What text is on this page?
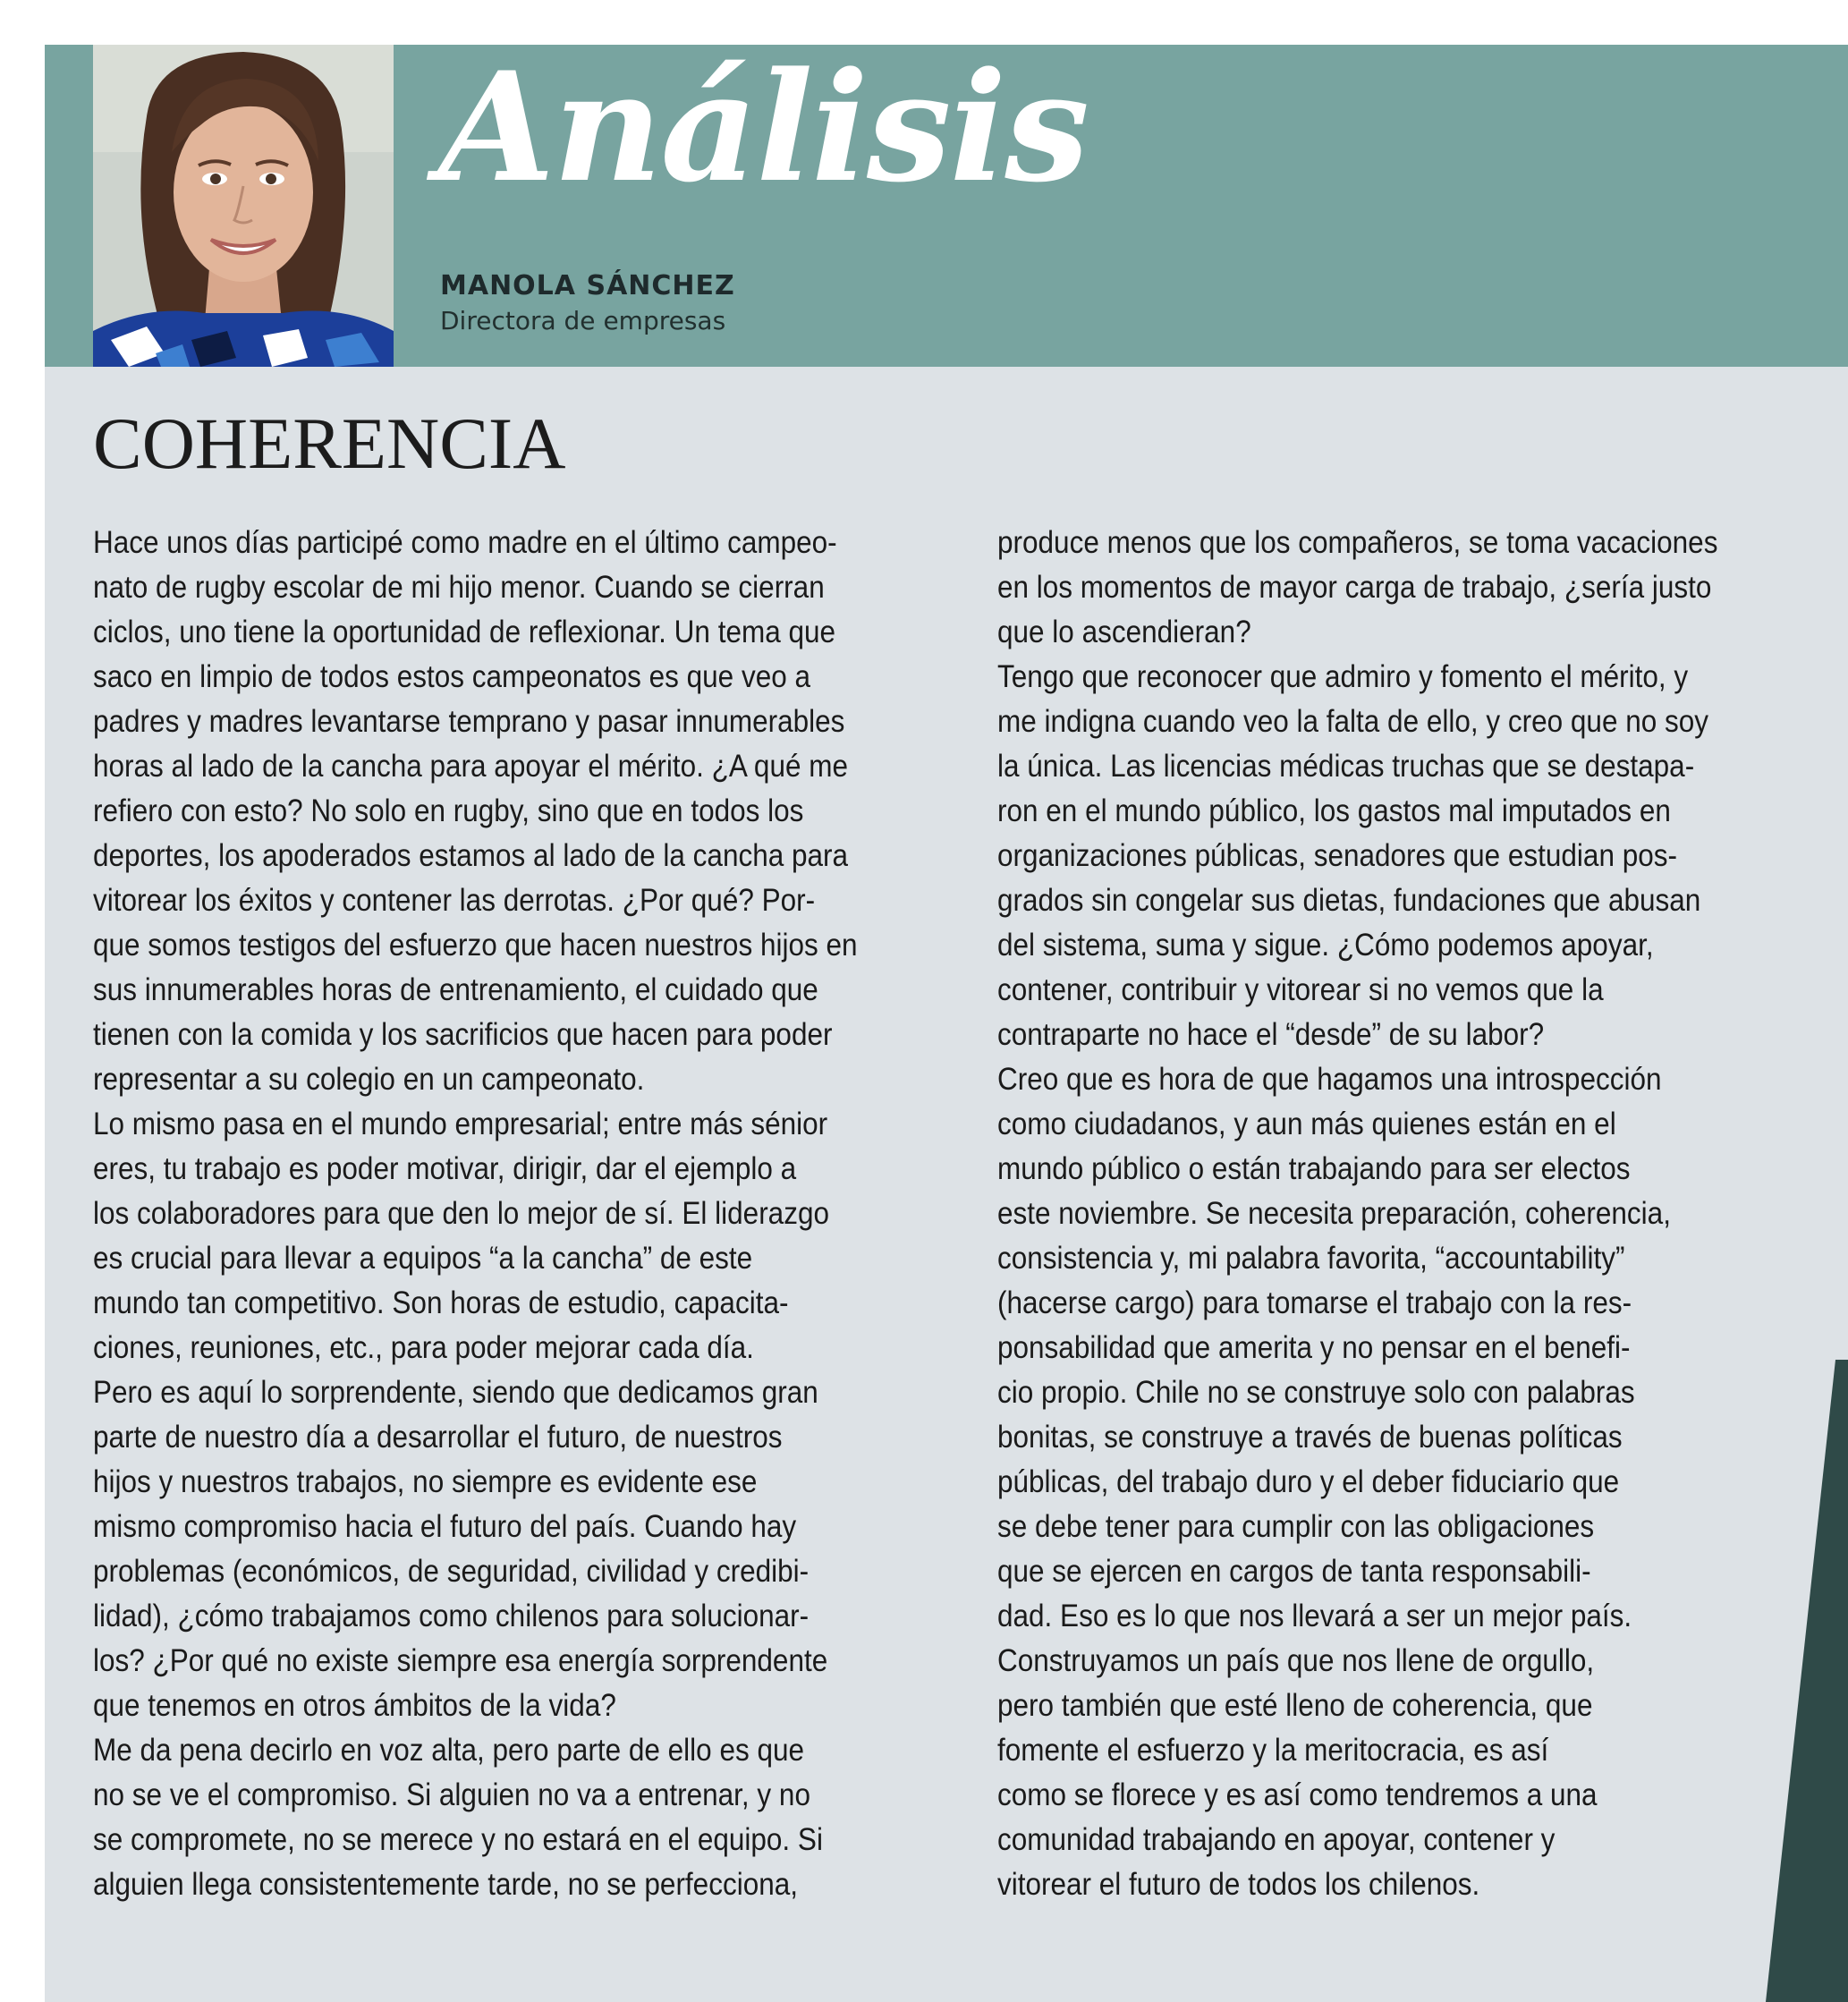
Análisis
MANOLA SÁNCHEZ
Directora de empresas
COHERENCIA
Hace unos días participé como madre en el último campeo-
nato de rugby escolar de mi hijo menor. Cuando se cierran
ciclos, uno tiene la oportunidad de reflexionar. Un tema que
saco en limpio de todos estos campeonatos es que veo a
padres y madres levantarse temprano y pasar innumerables
horas al lado de la cancha para apoyar el mérito. ¿A qué me
refiero con esto? No solo en rugby, sino que en todos los
deportes, los apoderados estamos al lado de la cancha para
vitorear los éxitos y contener las derrotas. ¿Por qué? Por-
que somos testigos del esfuerzo que hacen nuestros hijos en
sus innumerables horas de entrenamiento, el cuidado que
tienen con la comida y los sacrificios que hacen para poder
representar a su colegio en un campeonato.
Lo mismo pasa en el mundo empresarial; entre más sénior
eres, tu trabajo es poder motivar, dirigir, dar el ejemplo a
los colaboradores para que den lo mejor de sí. El liderazgo
es crucial para llevar a equipos “a la cancha” de este
mundo tan competitivo. Son horas de estudio, capacita-
ciones, reuniones, etc., para poder mejorar cada día.
Pero es aquí lo sorprendente, siendo que dedicamos gran
parte de nuestro día a desarrollar el futuro, de nuestros
hijos y nuestros trabajos, no siempre es evidente ese
mismo compromiso hacia el futuro del país. Cuando hay
problemas (económicos, de seguridad, civilidad y credibi-
lidad), ¿cómo trabajamos como chilenos para solucionar-
los? ¿Por qué no existe siempre esa energía sorprendente
que tenemos en otros ámbitos de la vida?
Me da pena decirlo en voz alta, pero parte de ello es que
no se ve el compromiso. Si alguien no va a entrenar, y no
se compromete, no se merece y no estará en el equipo. Si
alguien llega consistentemente tarde, no se perfecciona,
produce menos que los compañeros, se toma vacaciones
en los momentos de mayor carga de trabajo, ¿sería justo
que lo ascendieran?
Tengo que reconocer que admiro y fomento el mérito, y
me indigna cuando veo la falta de ello, y creo que no soy
la única. Las licencias médicas truchas que se destapa-
ron en el mundo público, los gastos mal imputados en
organizaciones públicas, senadores que estudian pos-
grados sin congelar sus dietas, fundaciones que abusan
del sistema, suma y sigue. ¿Cómo podemos apoyar,
contener, contribuir y vitorear si no vemos que la
contraparte no hace el “desde” de su labor?
Creo que es hora de que hagamos una introspección
como ciudadanos, y aun más quienes están en el
mundo público o están trabajando para ser electos
este noviembre. Se necesita preparación, coherencia,
consistencia y, mi palabra favorita, “accountability”
(hacerse cargo) para tomarse el trabajo con la res-
ponsabilidad que amerita y no pensar en el benefi-
cio propio. Chile no se construye solo con palabras
bonitas, se construye a través de buenas políticas
públicas, del trabajo duro y el deber fiduciario que
se debe tener para cumplir con las obligaciones
que se ejercen en cargos de tanta responsabili-
dad. Eso es lo que nos llevará a ser un mejor país.
Construyamos un país que nos llene de orgullo,
pero también que esté lleno de coherencia, que
fomente el esfuerzo y la meritocracia, es así
como se florece y es así como tendremos a una
comunidad trabajando en apoyar, contener y
vitorear el futuro de todos los chilenos.
